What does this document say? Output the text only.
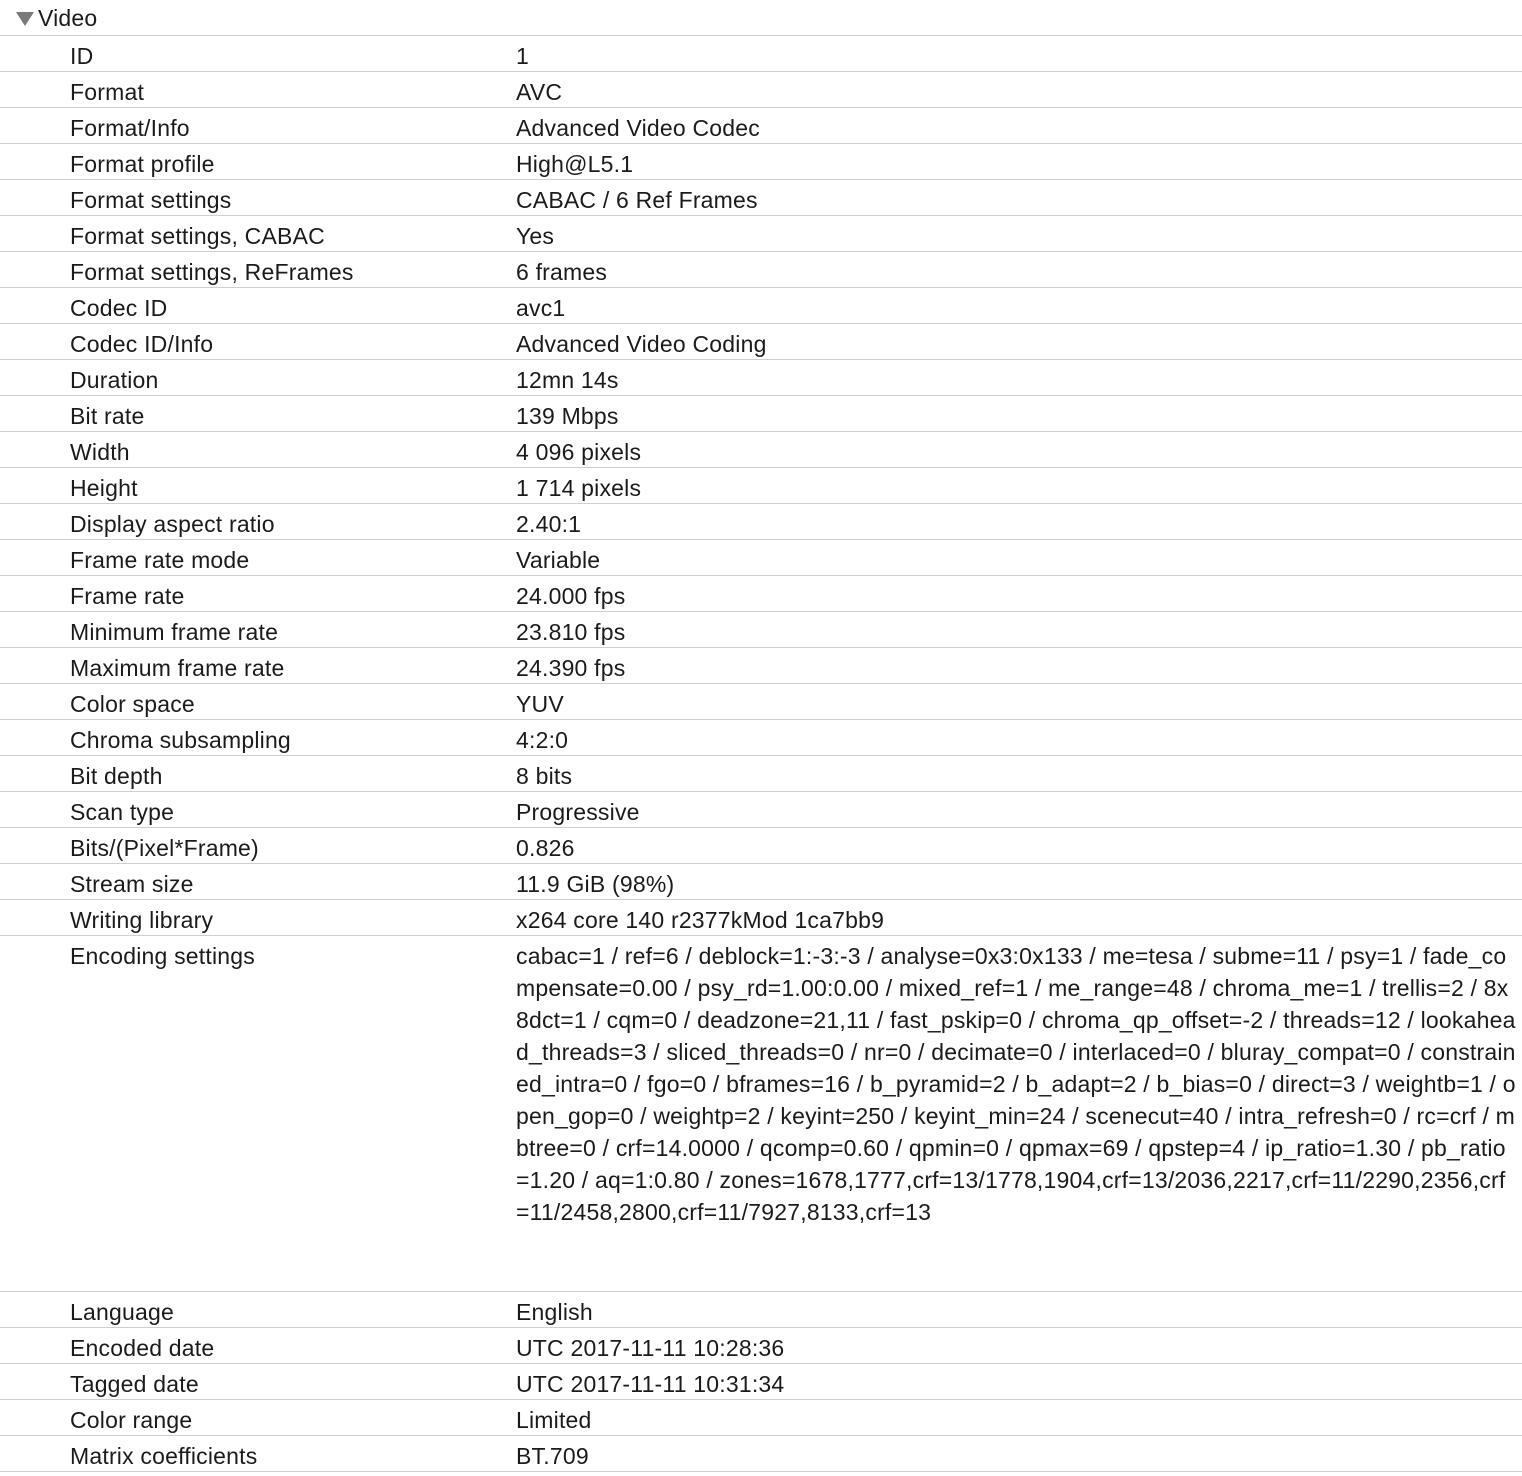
Video
ID	1
Format	AVC
Format/Info	Advanced Video Codec
Format profile	High@L5.1
Format settings	CABAC / 6 Ref Frames
Format settings, CABAC	Yes
Format settings, ReFrames	6 frames
Codec ID	avc1
Codec ID/Info	Advanced Video Coding
Duration	12mn 14s
Bit rate	139 Mbps
Width	4 096 pixels
Height	1 714 pixels
Display aspect ratio	2.40:1
Frame rate mode	Variable
Frame rate	24.000 fps
Minimum frame rate	23.810 fps
Maximum frame rate	24.390 fps
Color space	YUV
Chroma subsampling	4:2:0
Bit depth	8 bits
Scan type	Progressive
Bits/(Pixel*Frame)	0.826
Stream size	11.9 GiB (98%)
Writing library	x264 core 140 r2377kMod 1ca7bb9
Encoding settings	cabac=1 / ref=6 / deblock=1:-3:-3 / analyse=0x3:0x133 / me=tesa / subme=11 / psy=1 / fade_compensate=0.00 / psy_rd=1.00:0.00 / mixed_ref=1 / me_range=48 / chroma_me=1 / trellis=2 / 8x8dct=1 / cqm=0 / deadzone=21,11 / fast_pskip=0 / chroma_qp_offset=-2 / threads=12 / lookahead_threads=3 / sliced_threads=0 / nr=0 / decimate=0 / interlaced=0 / bluray_compat=0 / constrained_intra=0 / fgo=0 / bframes=16 / b_pyramid=2 / b_adapt=2 / b_bias=0 / direct=3 / weightb=1 / open_gop=0 / weightp=2 / keyint=250 / keyint_min=24 / scenecut=40 / intra_refresh=0 / rc=crf / mbtree=0 / crf=14.0000 / qcomp=0.60 / qpmin=0 / qpmax=69 / qpstep=4 / ip_ratio=1.30 / pb_ratio=1.20 / aq=1:0.80 / zones=1678,1777,crf=13/1778,1904,crf=13/2036,2217,crf=11/2290,2356,crf=11/2458,2800,crf=11/7927,8133,crf=13
Language	English
Encoded date	UTC 2017-11-11 10:28:36
Tagged date	UTC 2017-11-11 10:31:34
Color range	Limited
Matrix coefficients	BT.709
